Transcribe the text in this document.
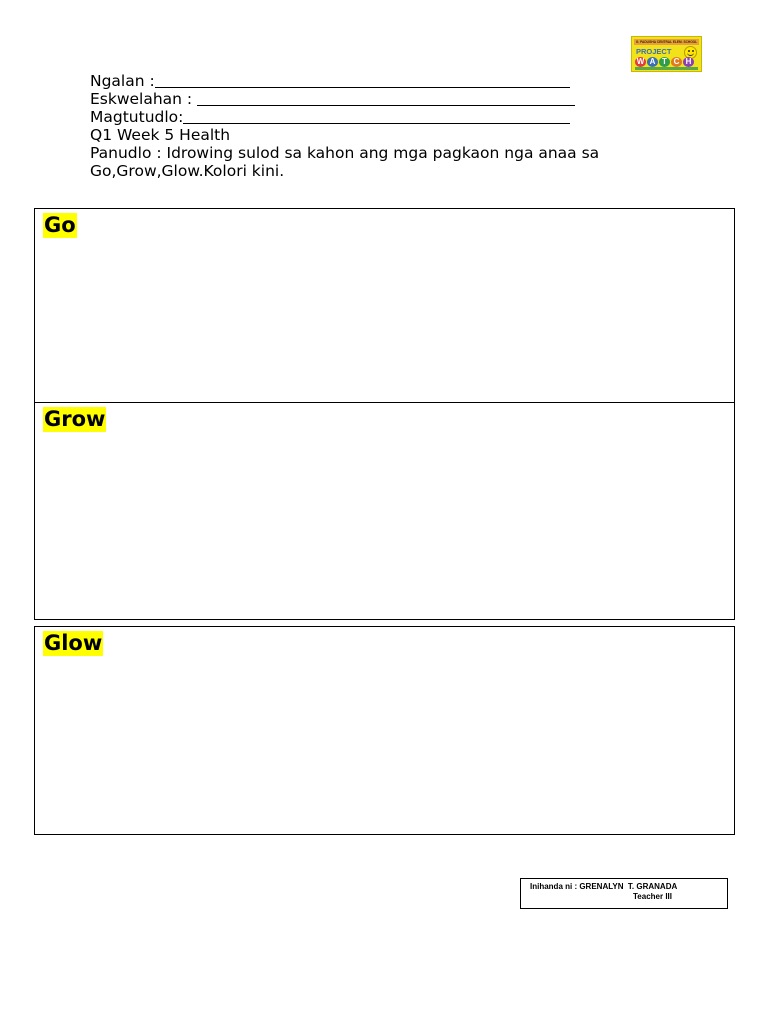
G. PADUGHA CENTRAL ELEM. SCHOOL
PROJECT
W A T C H
Ngalan :
Eskwelahan :
Magtutudlo:
Q1 Week 5 Health
Panudlo : Idrowing sulod sa kahon ang mga pagkaon nga anaa sa
Go,Grow,Glow.Kolori kini.
Go
Grow
Glow
Inihanda ni : GRENALYN  T. GRANADA
Teacher III
